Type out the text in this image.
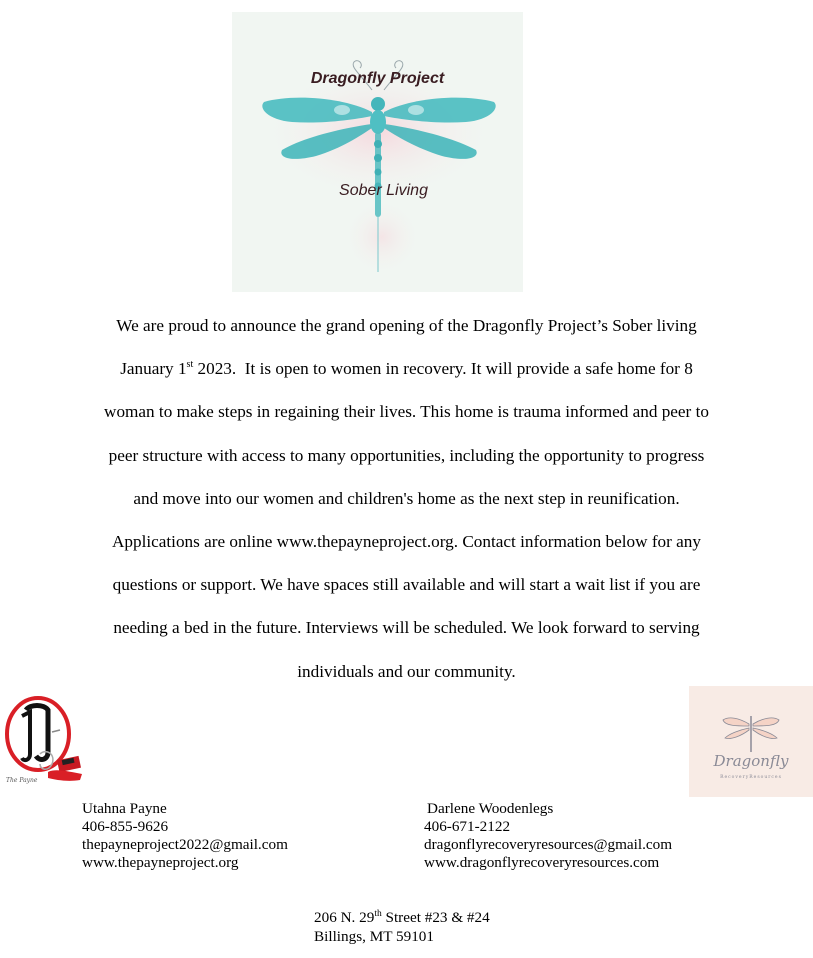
Dragonfly Project
Sober Living
We are proud to announce the grand opening of the Dragonfly Project’s Sober living
January 1st 2023.  It is open to women in recovery. It will provide a safe home for 8
woman to make steps in regaining their lives. This home is trauma informed and peer to
peer structure with access to many opportunities, including the opportunity to progress
and move into our women and children's home as the next step in reunification.
Applications are online www.thepayneproject.org. Contact information below for any
questions or support. We have spaces still available and will start a wait list if you are
needing a bed in the future. Interviews will be scheduled. We look forward to serving
individuals and our community.
The Payne
Dragonfly
RecoveryResources
Utahna Payne
406-855-9626
thepayneproject2022@gmail.com
www.thepayneproject.org
Darlene Woodenlegs
406-671-2122
dragonflyrecoveryresources@gmail.com
www.dragonflyrecoveryresources.com
206 N. 29th Street #23 & #24
Billings, MT 59101
